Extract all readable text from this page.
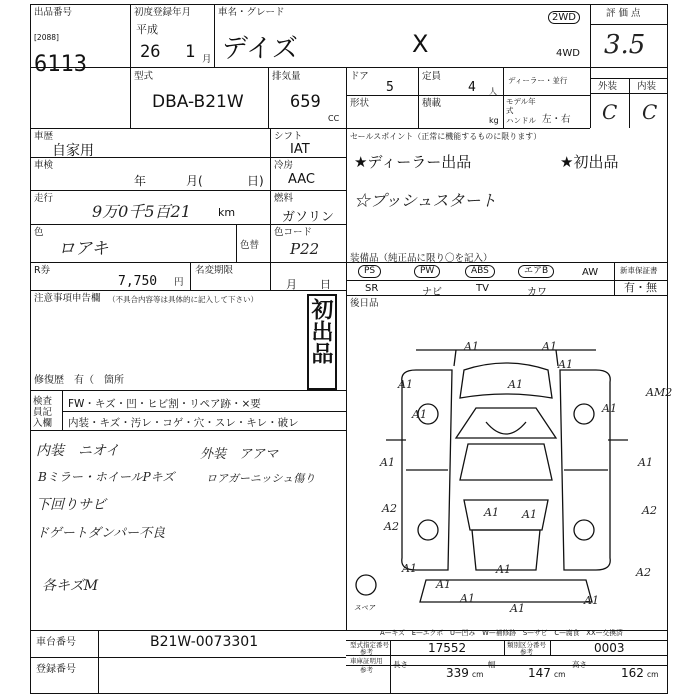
出品番号
[2088]
6113
初度登録年月
平成
26 1 月
車名・グレード
デイズ	X
2WD
4WD
評価点
3.5
外装 内装
C C
型式
DBA-B21W
排気量
659
CC
ドア
5
定員
4 人
ディーラー・並行
形状	積載
kg
モデル年式
ハンドル 左・右
車歴
自家用
車検
年	月(	日)
走行
9万0千5百21 km
色
ロアキ	色替
色コード
P22
シフト
IAT
冷房
AAC
燃料
ガソリン
セールスポイント（正常に機能するものに限ります）
★ディーラー出品	★初出品
☆プッシュスタート
R券
7,750 円
名変期限
月 日
装備品（純正品に限り〇を記入）
PS	PW	ABS	エアB	AW
SR	ナビ	TV	カワ
新車保証書
有・無
後日品
注意事項申告欄 （不具合内容等は具体的に記入して下さい） 初出品
修復歴　有（　箇所
検査員記入欄
FW・キズ・凹・ヒビ割・リペア跡・×要
内装・キズ・汚レ・コゲ・穴・スレ・キレ・破レ
内装　ニオイ
Bミラー・ホイールPキズ
下回りサビ
ドゲートダンパー不良
各キズM
外装　アアマ
ロアガーニッシュ傷り
A1	A1
A1	A1
A1
A1	A1
A1	A1
A2	A1 A1	A2
A2
A2
A1
A1
A1
A1
A1
AM2
A1
スペア
A—キズ　E—エクボ　U—凹み　W—補修跡　S—サビ　C—腐食　XX—交換済
車台番号	B21W-0073301
登録番号
型式指定番号
参考	17552	類別区分番号
参考	0003
車庫証明用
参考
長さ
339 cm
幅
147 cm
高さ
162 cm
